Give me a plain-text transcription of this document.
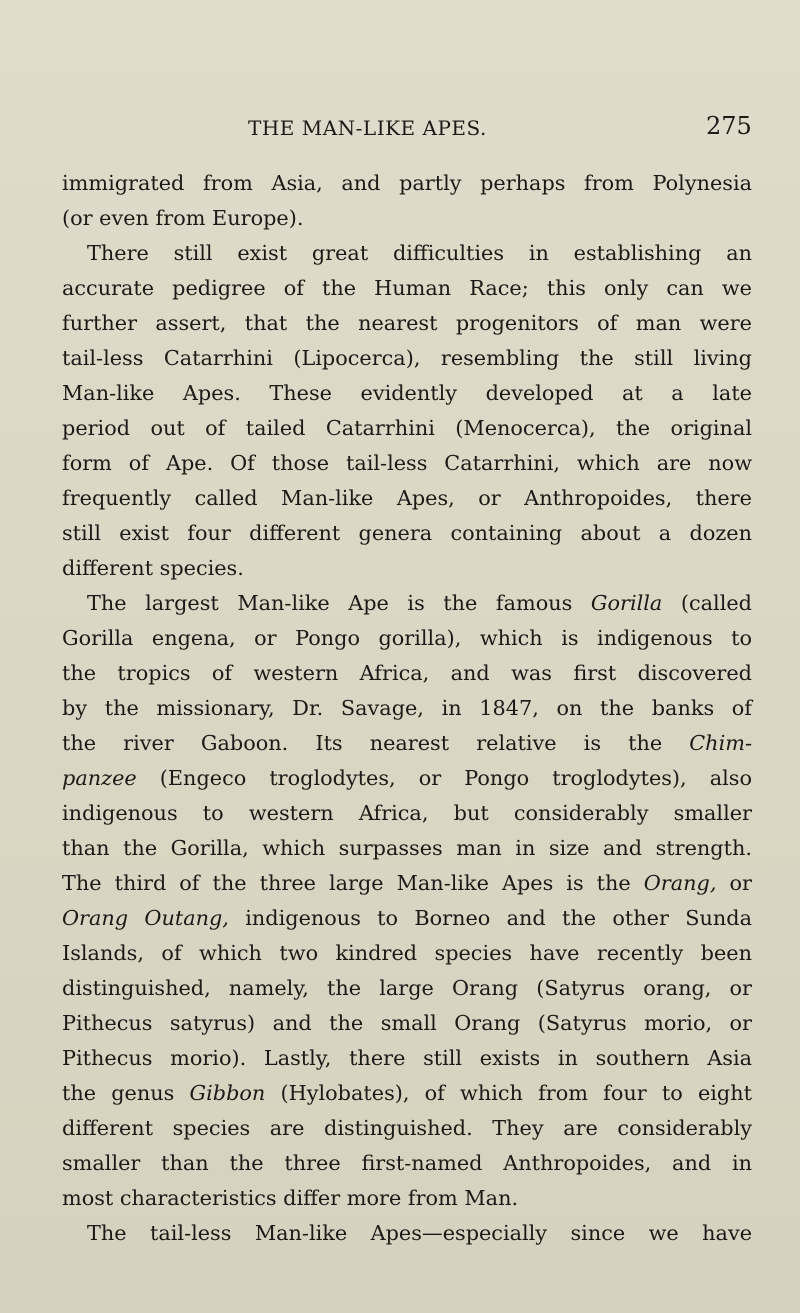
THE MAN-LIKE APES.	275
immigrated from Asia, and partly perhaps from Polynesia
(or even from Europe).
There still exist great difficulties in establishing an
accurate pedigree of the Human Race; this only can we
further assert, that the nearest progenitors of man were
tail-less Catarrhini (Lipocerca), resembling the still living
Man-like Apes. These evidently developed at a late
period out of tailed Catarrhini (Menocerca), the original
form of Ape. Of those tail-less Catarrhini, which are now
frequently called Man-like Apes, or Anthropoides, there
still exist four different genera containing about a dozen
different species.
The largest Man-like Ape is the famous Gorilla (called
Gorilla engena, or Pongo gorilla), which is indigenous to
the tropics of western Africa, and was first discovered
by the missionary, Dr. Savage, in 1847, on the banks of
the river Gaboon. Its nearest relative is the Chim-
panzee (Engeco troglodytes, or Pongo troglodytes), also
indigenous to western Africa, but considerably smaller
than the Gorilla, which surpasses man in size and strength.
The third of the three large Man-like Apes is the Orang, or
Orang Outang, indigenous to Borneo and the other Sunda
Islands, of which two kindred species have recently been
distinguished, namely, the large Orang (Satyrus orang, or
Pithecus satyrus) and the small Orang (Satyrus morio, or
Pithecus morio). Lastly, there still exists in southern Asia
the genus Gibbon (Hylobates), of which from four to eight
different species are distinguished. They are considerably
smaller than the three first-named Anthropoides, and in
most characteristics differ more from Man.
The tail-less Man-like Apes—especially since we have
